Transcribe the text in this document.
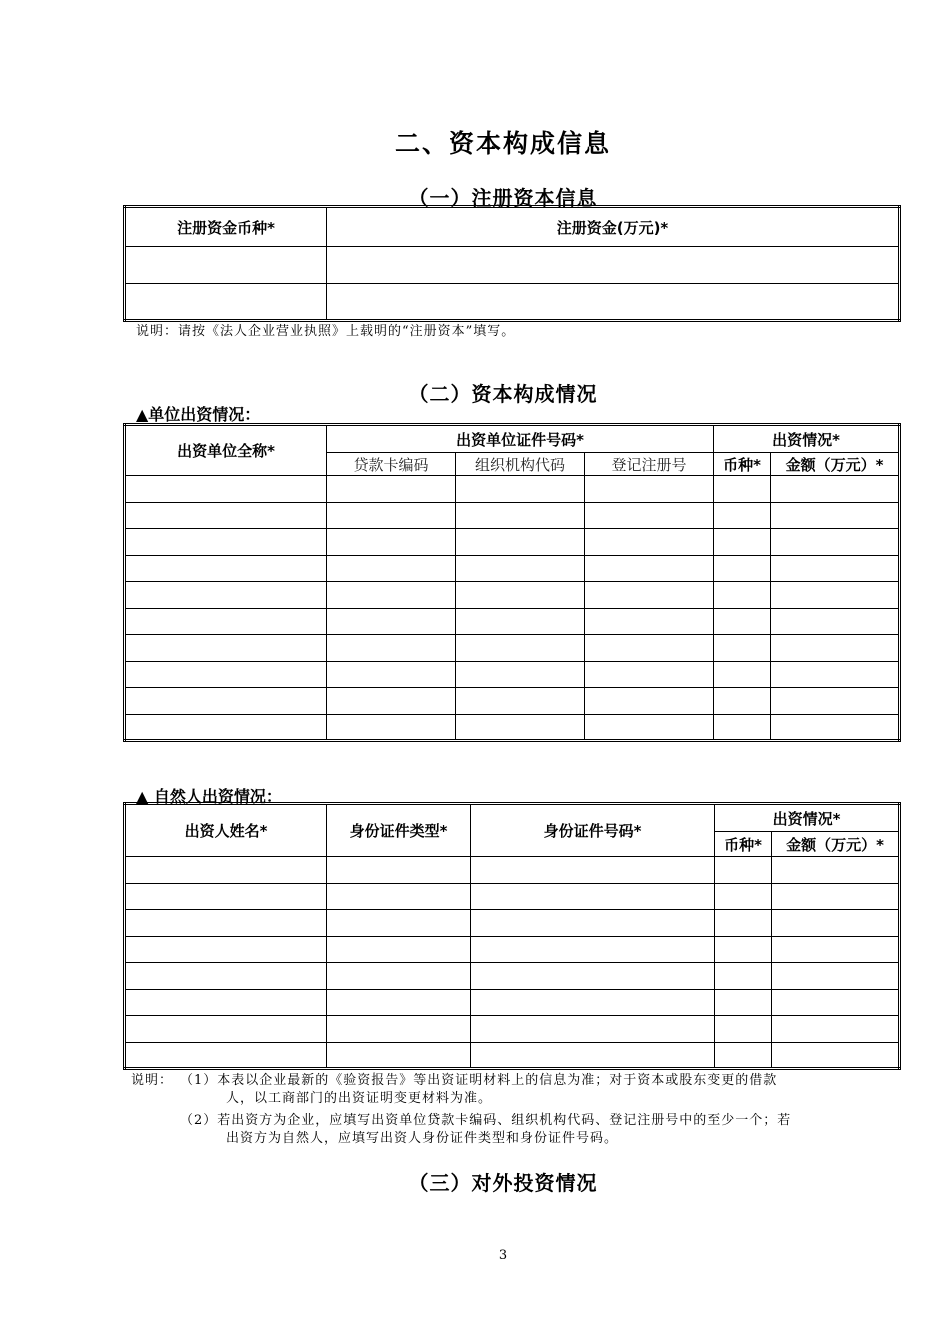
二、资本构成信息
（一）注册资本信息
注册资金币种*	注册资金(万元)*

说明：请按《法人企业营业执照》上载明的“注册资本”填写。
（二）资本构成情况
▲单位出资情况：
出资单位全称*	出资单位证件号码*			出资情况*	
	贷款卡编码	组织机构代码	登记注册号	币种*	金额（万元）*

▲ 自然人出资情况：
出资人姓名*	身份证件类型*	身份证件号码*	出资情况*	
			币种*	金额（万元）*

说明： （1）本表以企业最新的《验资报告》等出资证明材料上的信息为准；对于资本或股东变更的借款
人，以工商部门的出资证明变更材料为准。
（2）若出资方为企业，应填写出资单位贷款卡编码、组织机构代码、登记注册号中的至少一个；若
出资方为自然人，应填写出资人身份证件类型和身份证件号码。
（三）对外投资情况
3
